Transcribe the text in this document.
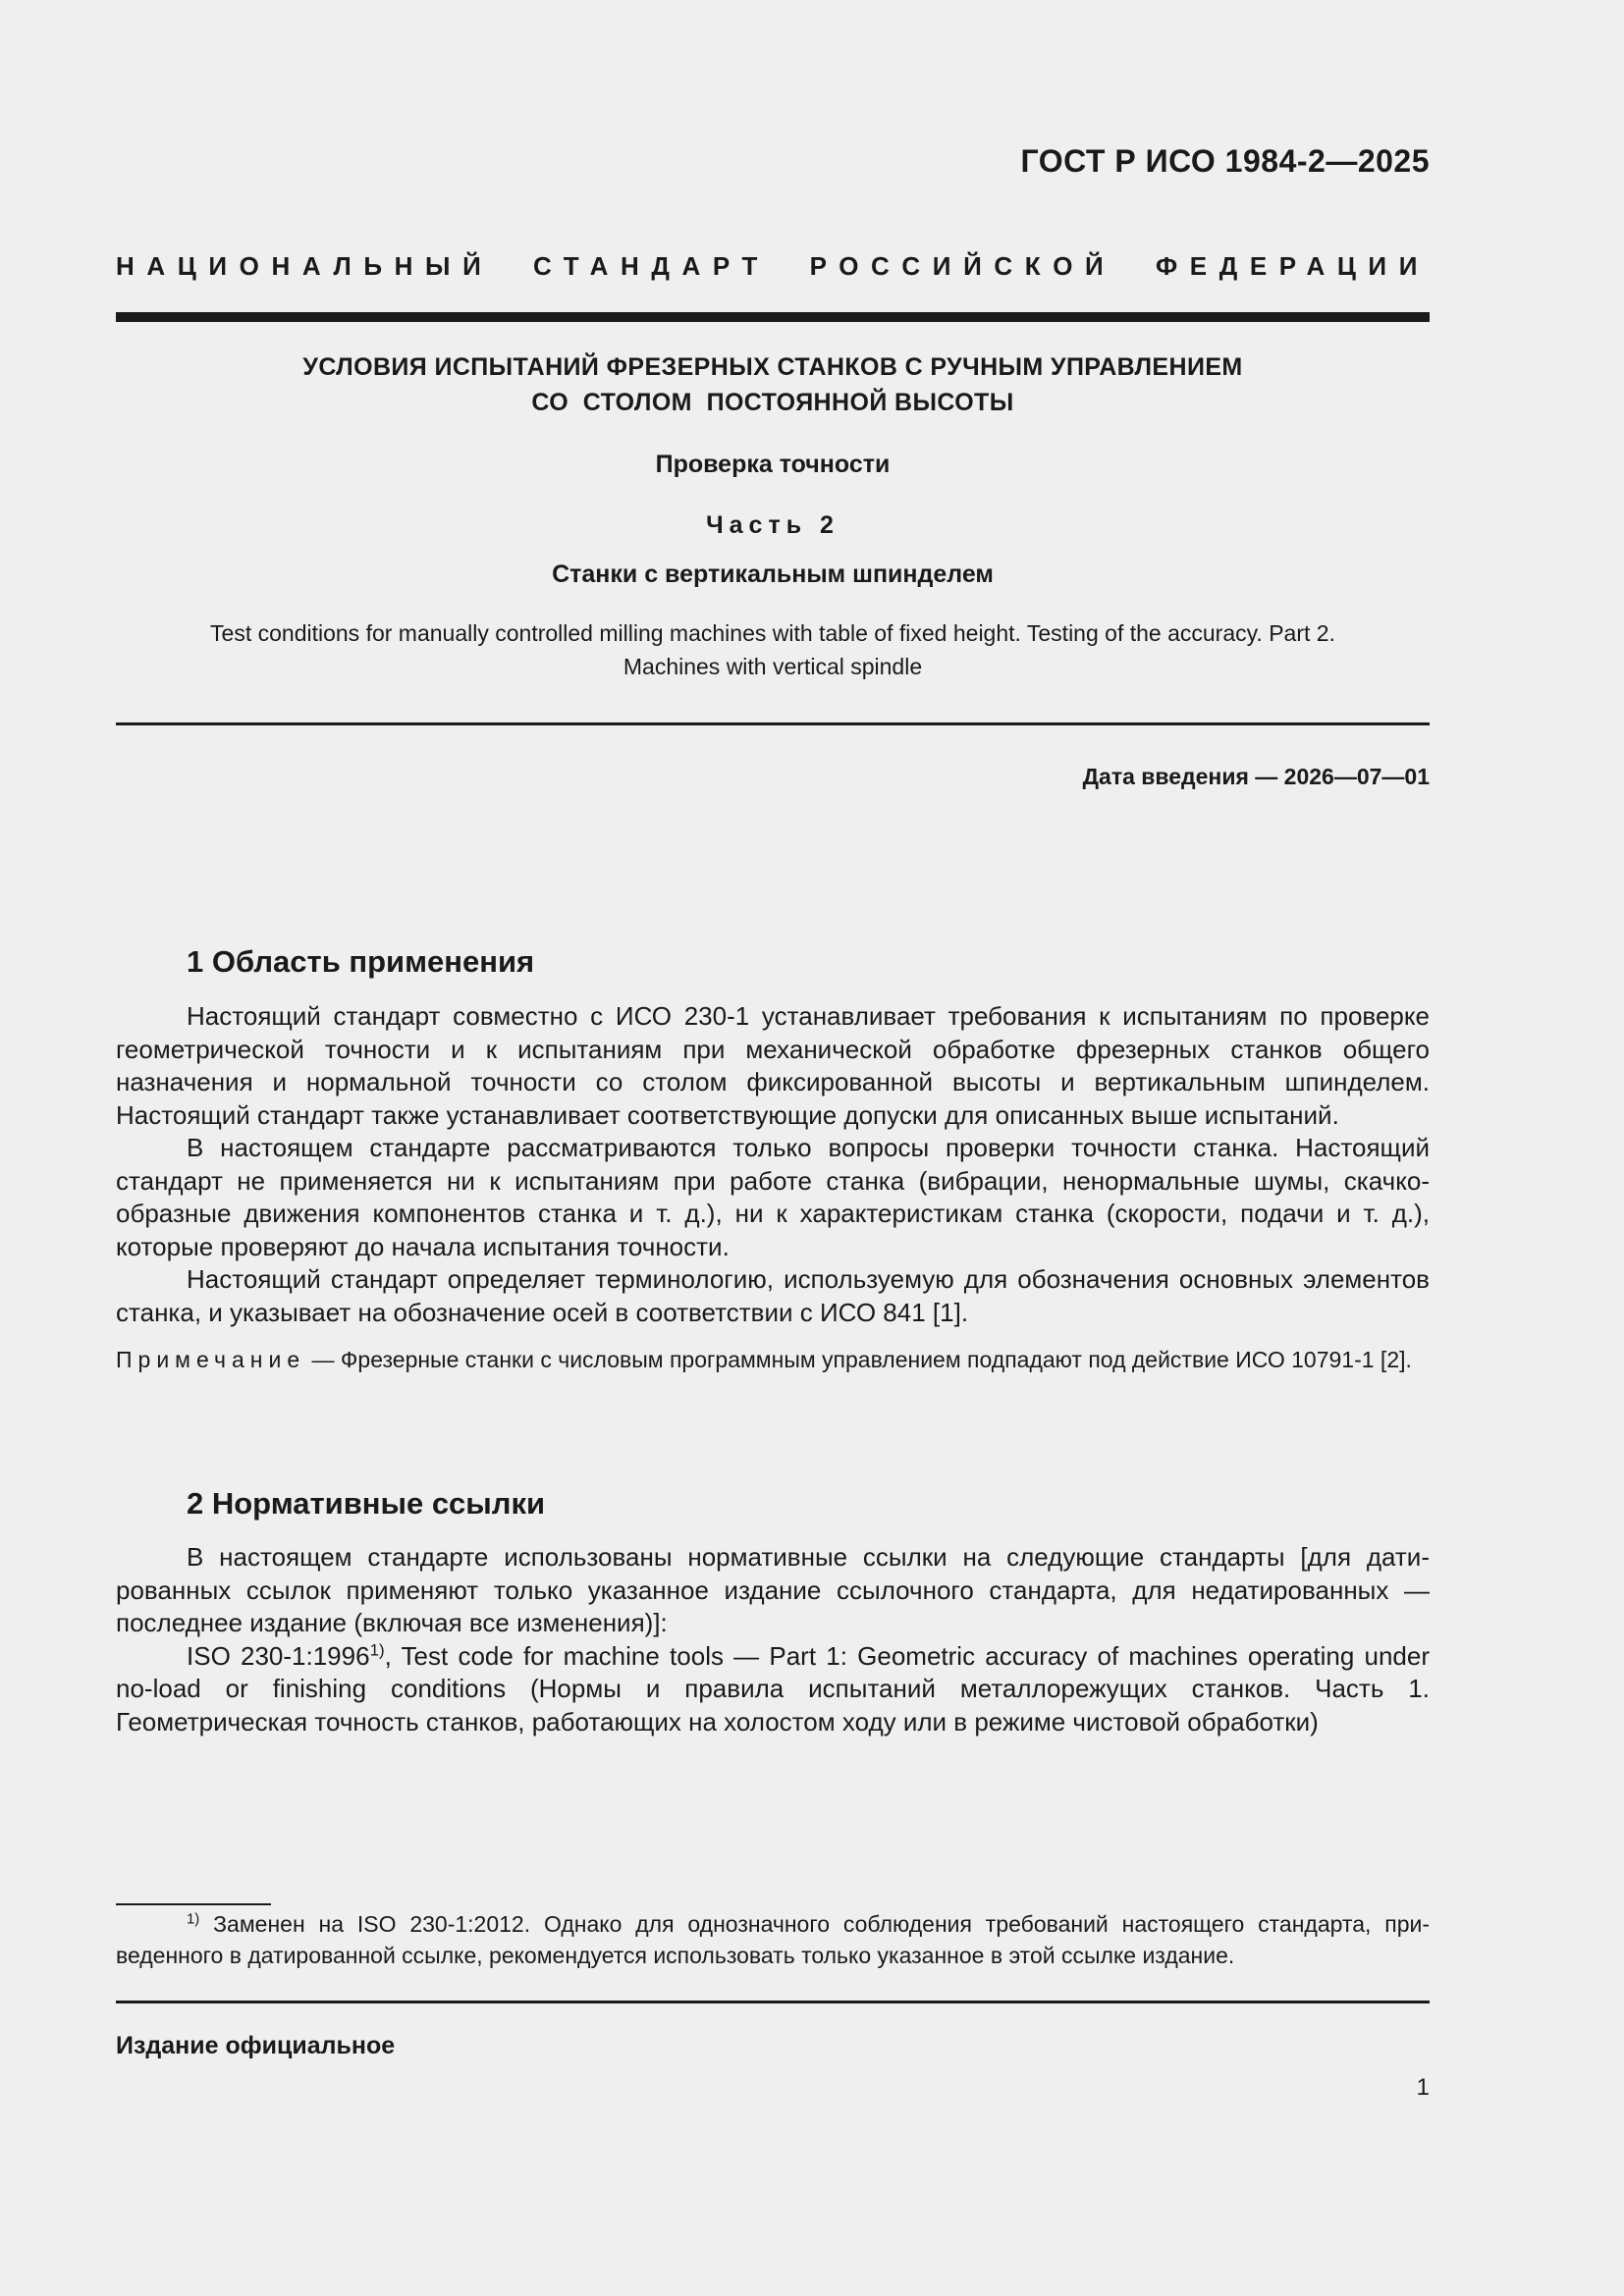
ГОСТ Р ИСО 1984-2—2025
НАЦИОНАЛЬНЫЙ СТАНДАРТ РОССИЙСКОЙ ФЕДЕРАЦИИ
УСЛОВИЯ ИСПЫТАНИЙ ФРЕЗЕРНЫХ СТАНКОВ С РУЧНЫМ УПРАВЛЕНИЕМ
СО  СТОЛОМ  ПОСТОЯННОЙ ВЫСОТЫ
Проверка точности
Часть 2
Станки с вертикальным шпинделем
Test conditions for manually controlled milling machines with table of fixed height. Testing of the accuracy. Part 2.
Machines with vertical spindle
Дата введения — 2026—07—01
1 Область применения

Настоящий стандарт совместно с ИСО 230-1 устанавливает требования к испытаниям по проверке геометрической точности и к испытаниям при механической обработке фрезерных станков общего назначения и нормальной точности со столом фиксированной высоты и вертикальным шпинделем. Настоящий стандарт также устанавливает соответствующие допуски для описанных выше испытаний.

В настоящем стандарте рассматриваются только вопросы проверки точности станка. Настоящий стандарт не применяется ни к испытаниям при работе станка (вибрации, ненормальные шумы, скачкообразные движения компонентов станка и т. д.), ни к характеристикам станка (скорости, подачи и т. д.), которые проверяют до начала испытания точности.

Настоящий стандарт определяет терминологию, используемую для обозначения основных элементов станка, и указывает на обозначение осей в соответствии с ИСО 841 [1].

Примечание — Фрезерные станки с числовым программным управлением подпадают под действие ИСО 10791-1 [2].
2 Нормативные ссылки

В настоящем стандарте использованы нормативные ссылки на следующие стандарты [для датированных ссылок применяют только указанное издание ссылочного стандарта, для недатированных — последнее издание (включая все изменения)]:

ISO 230-1:1996$^{1)}$, Test code for machine tools — Part 1: Geometric accuracy of machines operating under no-load or finishing conditions (Нормы и правила испытаний металлорежущих станков. Часть 1. Геометрическая точность станков, работающих на холостом ходу или в режиме чистовой обработки)

$^{1)}$ Заменен на ISO 230-1:2012. Однако для однозначного соблюдения требований настоящего стандарта, приведенного в датированной ссылке, рекомендуется использовать только указанное в этой ссылке издание.

Издание официальное
1
